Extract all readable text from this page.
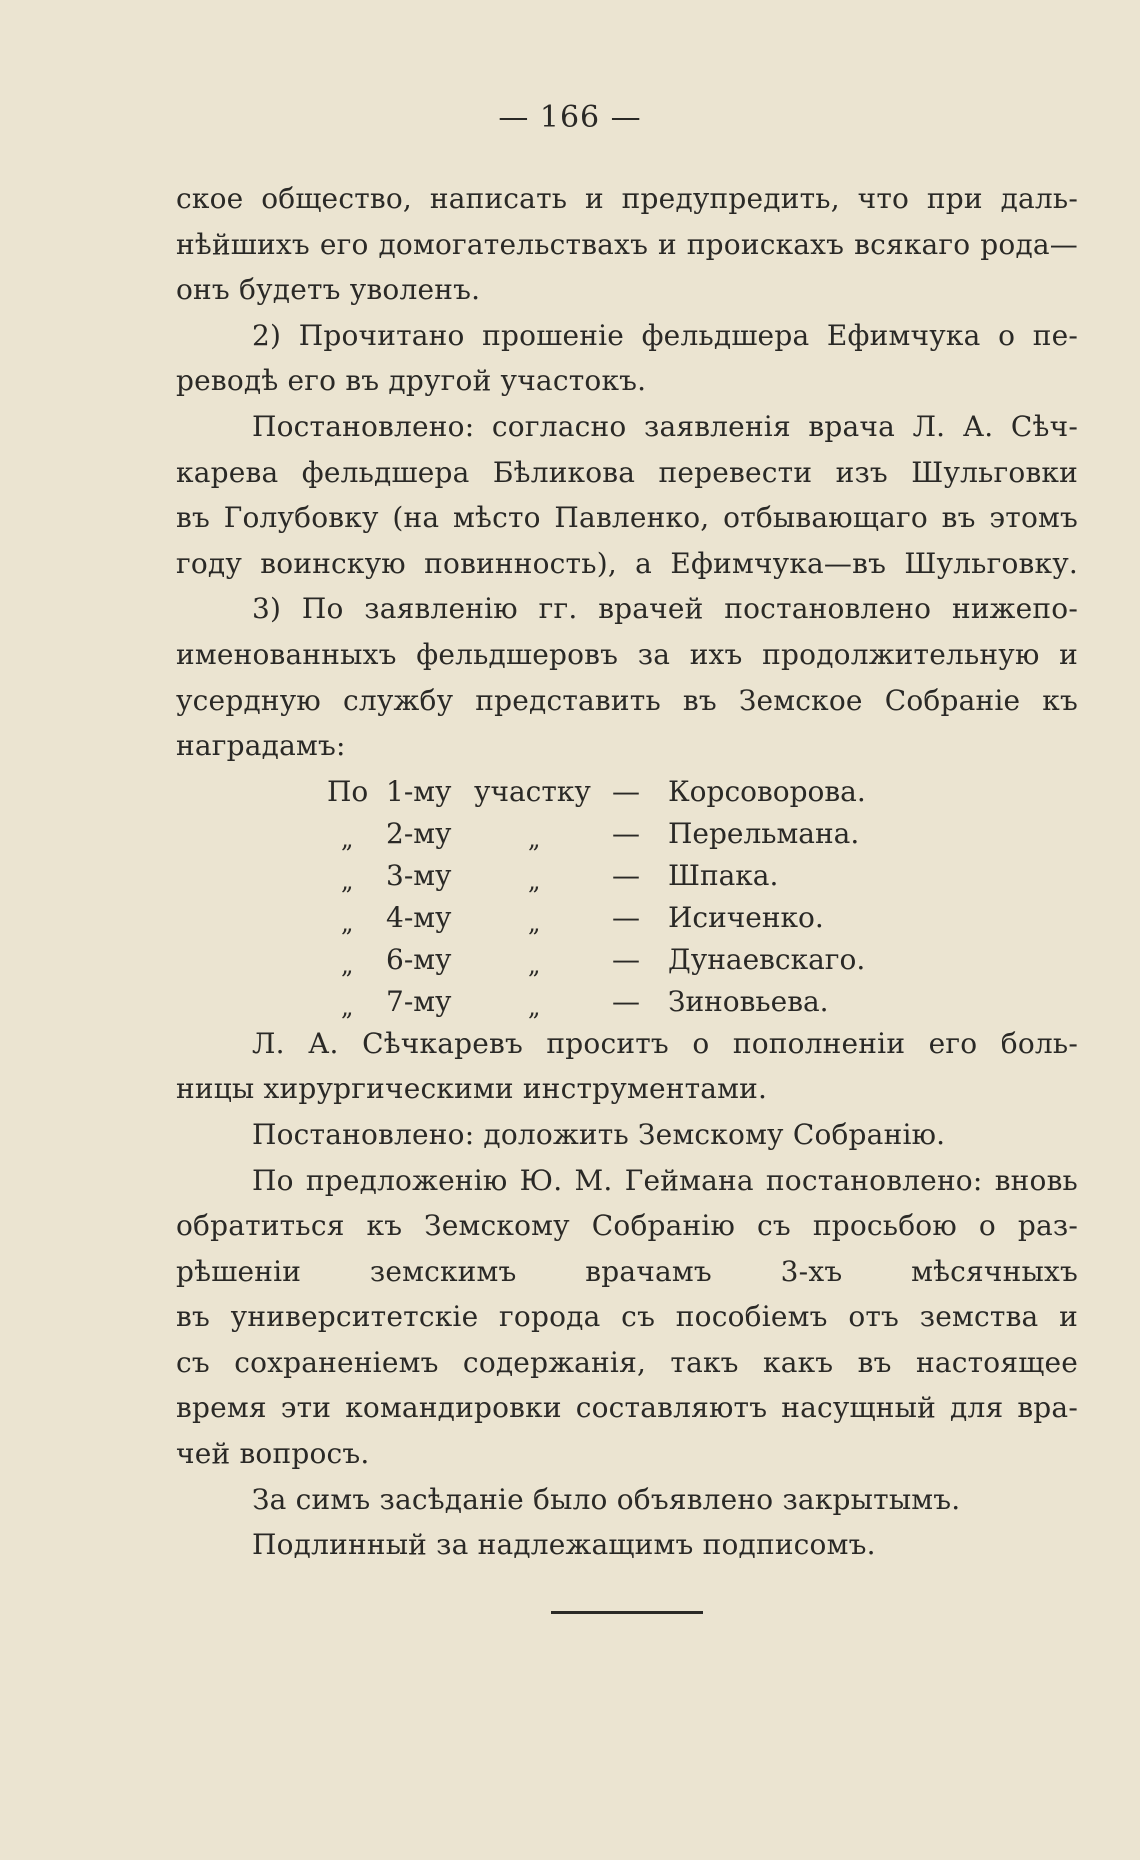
— 166 —
ское общество, написать и предупредить, что при даль-
нѣйшихъ его домогательствахъ и проискахъ всякаго рода—
онъ будетъ уволенъ.
2) Прочитано прошеніе фельдшера Ефимчука о пе-
реводѣ его въ другой участокъ.
Постановлено: согласно заявленія врача Л. А. Сѣч-
карева фельдшера Бѣликова перевести изъ Шульговки
въ Голубовку (на мѣсто Павленко, отбывающаго въ этомъ
году воинскую повинность), а Ефимчука—въ Шульговку.
3) По заявленію гг. врачей постановлено нижепо-
именованныхъ фельдшеровъ за ихъ продолжительную и
усердную службу представить въ Земское Собраніе къ
наградамъ:
По 1-му участку — Корсоворова.
„ 2-му	„	— Перельмана.
„ 3-му	„	— Шпака.
„ 4-му	„	— Исиченко.
„ 6-му	„	— Дунаевскаго.
„ 7-му	„	— Зиновьева.
Л. А. Сѣчкаревъ проситъ о пополненіи его боль-
ницы хирургическими инструментами.
Постановлено: доложить Земскому Собранію.
По предложенію Ю. М. Геймана постановлено: вновь
обратиться къ Земскому Собранію съ просьбою о раз-
рѣшеніи земскимъ врачамъ 3-хъ мѣсячныхъ
въ университетскіе города съ пособіемъ отъ земства и
съ сохраненіемъ содержанія, такъ какъ въ настоящее
время эти командировки составляютъ насущный для вра-
чей вопросъ.
За симъ засѣданіе было объявлено закрытымъ.
Подлинный за надлежащимъ подписомъ.
